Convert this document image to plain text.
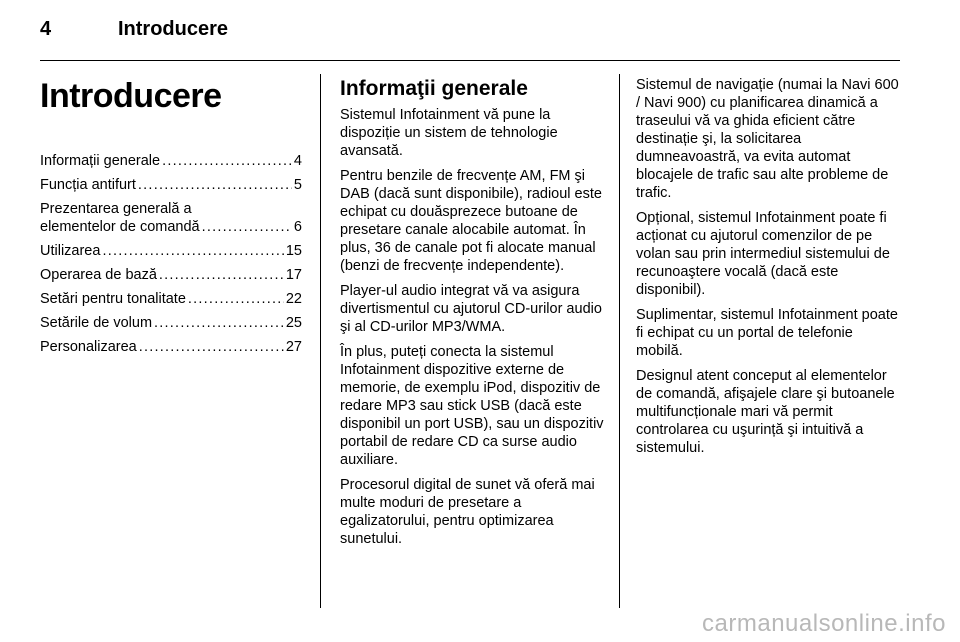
4	Introducere
Introducere
Informații generale . . .	4
Funcția antifurt . . .	5
Prezentarea generală a
elementelor de comandă . . .	6
Utilizarea . . .	15
Operarea de bază . . .	17
Setări pentru tonalitate . . .	22
Setările de volum . . .	25
Personalizarea . . .	27
Informaţii generale

Sistemul Infotainment vă pune la dispoziție un sistem de tehnologie avansată.

Pentru benzile de frecvențe AM, FM şi DAB (dacă sunt disponibile), radioul este echipat cu douăsprezece butoane de presetare canale alocabile automat. În plus, 36 de canale pot fi alocate manual (benzi de frecvențe independente).

Player-ul audio integrat vă va asigura divertismentul cu ajutorul CD-urilor audio şi al CD-urilor MP3/WMA.

În plus, puteți conecta la sistemul Infotainment dispozitive externe de memorie, de exemplu iPod, dispozitiv de redare MP3 sau stick USB (dacă este disponibil un port USB), sau un dispozitiv portabil de redare CD ca surse audio auxiliare.

Procesorul digital de sunet vă oferă mai multe moduri de presetare a egalizatorului, pentru optimizarea sunetului.

Sistemul de navigație (numai la Navi 600 / Navi 900) cu planificarea dinamică a traseului vă va ghida eficient către destinație şi, la solicitarea dumneavoastră, va evita automat blocajele de trafic sau alte probleme de trafic.

Opțional, sistemul Infotainment poate fi acționat cu ajutorul comenzilor de pe volan sau prin intermediul sistemului de recunoaştere vocală (dacă este disponibil).

Suplimentar, sistemul Infotainment poate fi echipat cu un portal de telefonie mobilă.

Designul atent conceput al elementelor de comandă, afişajele clare şi butoanele multifuncționale mari vă permit controlarea cu uşurință şi intuitivă a sistemului.

carmanualsonline.info
